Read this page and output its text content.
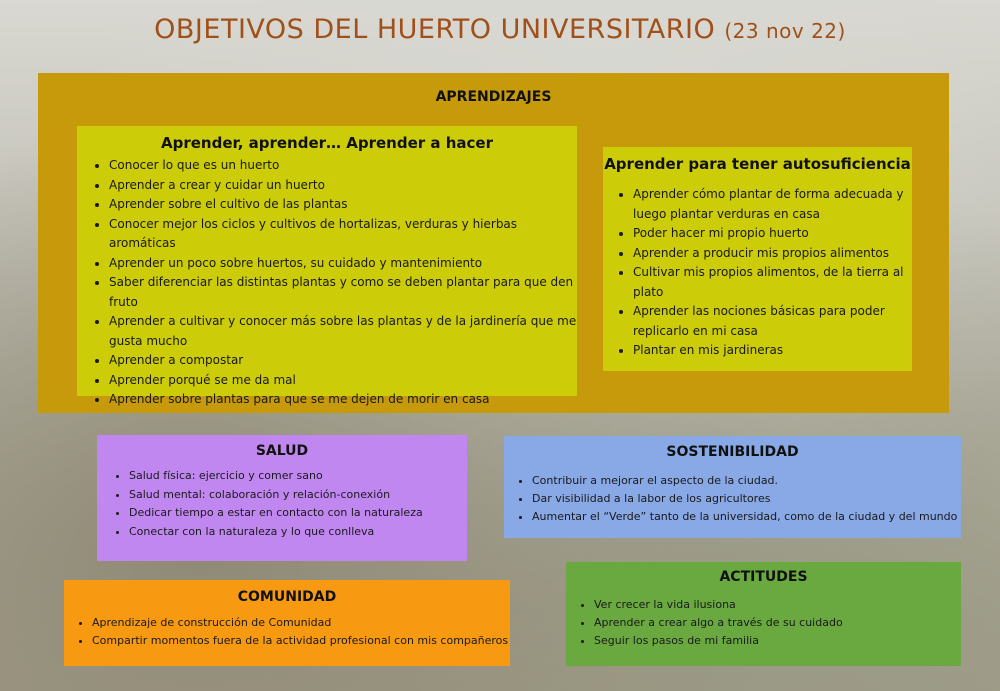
OBJETIVOS DEL HUERTO UNIVERSITARIO (23 nov 22)
APRENDIZAJES
Aprender, aprender… Aprender a hacer
• Conocer lo que es un huerto
• Aprender a crear y cuidar un huerto
• Aprender sobre el cultivo de las plantas
• Conocer mejor los ciclos y cultivos de hortalizas, verduras y hierbas aromáticas
• Aprender un poco sobre huertos, su cuidado y mantenimiento
• Saber diferenciar las distintas plantas y como se deben plantar para que den fruto
• Aprender a cultivar y conocer más sobre las plantas y de la jardinería que me gusta mucho
• Aprender a compostar
• Aprender porqué se me da mal
• Aprender sobre plantas para que se me dejen de morir en casa
Aprender para tener autosuficiencia
• Aprender cómo plantar de forma adecuada y luego plantar verduras en casa
• Poder hacer mi propio huerto
• Aprender a producir mis propios alimentos
• Cultivar mis propios alimentos, de la tierra al plato
• Aprender las nociones básicas para poder replicarlo en mi casa
• Plantar en mis jardineras
SALUD
• Salud física: ejercicio y comer sano
• Salud mental: colaboración y relación-conexión
• Dedicar tiempo a estar en contacto con la naturaleza
• Conectar con la naturaleza y lo que conlleva
SOSTENIBILIDAD
• Contribuir a mejorar el aspecto de la ciudad.
• Dar visibilidad a la labor de los agricultores
• Aumentar el “Verde” tanto de la universidad, como de la ciudad y del mundo
COMUNIDAD
• Aprendizaje de construcción de Comunidad
• Compartir momentos fuera de la actividad profesional con mis compañeros
ACTITUDES
• Ver crecer la vida ilusiona
• Aprender a crear algo a través de su cuidado
• Seguir los pasos de mi familia
